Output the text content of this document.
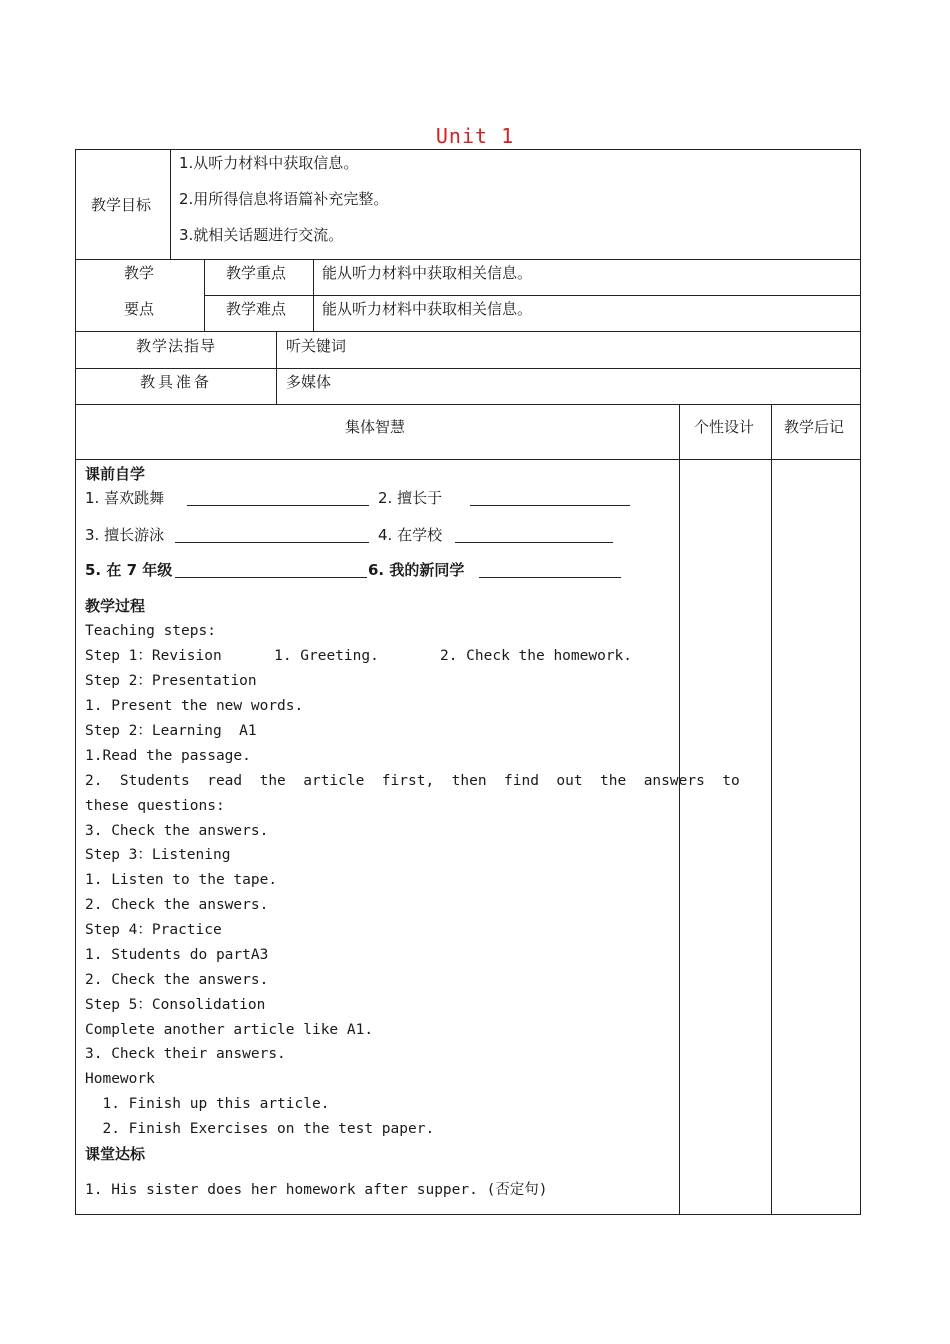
Unit 1
教学目标
1.从听力材料中获取信息。
2.用所得信息将语篇补充完整。
3.就相关话题进行交流。
教学
要点
教学重点 能从听力材料中获取相关信息。
教学难点 能从听力材料中获取相关信息。
教学法指导	听关键词
教具准备	多媒体
集体智慧	个性设计 教学后记
课前自学
1. 喜欢跳舞	2. 擅长于
3. 擅长游泳	4. 在学校
5. 在 7 年级	6. 我的新同学
教学过程
Teaching steps:
Step 1：Revision      1. Greeting.       2. Check the homework.
Step 2：Presentation
1. Present the new words.
Step 2：Learning  A1
1.Read the passage.
2.  Students  read  the  article  first,  then  find  out  the  answers  to
these questions:
3. Check the answers.
Step 3：Listening
1. Listen to the tape.
2. Check the answers.
Step 4：Practice
1. Students do partA3
2. Check the answers.
Step 5：Consolidation
Complete another article like A1.
3. Check their answers.
Homework
1. Finish up this article.
2. Finish Exercises on the test paper.
课堂达标
1. His sister does her homework after supper. (否定句)
